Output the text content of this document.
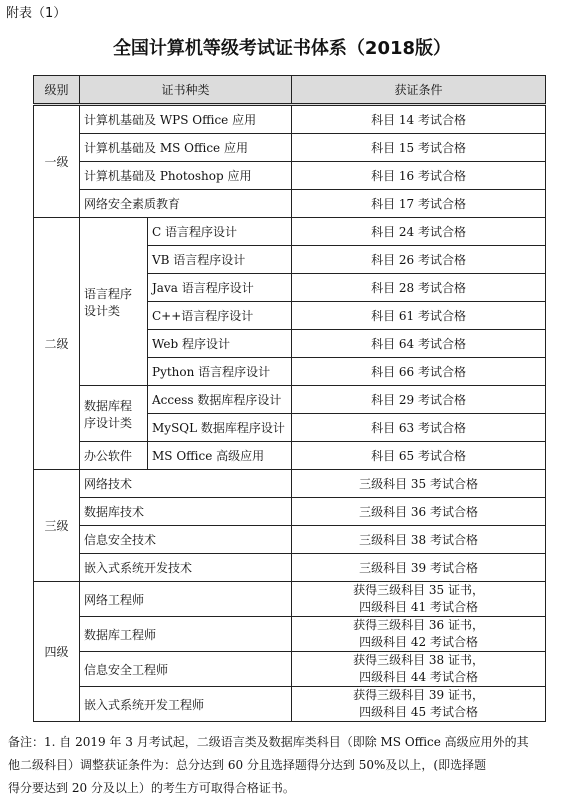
附表（1）
全国计算机等级考试证书体系（2018版）
级别	证书种类		获证条件
一级	计算机基础及 WPS Office 应用		科目 14 考试合格
	计算机基础及 MS Office 应用		科目 15 考试合格
	计算机基础及 Photoshop 应用		科目 16 考试合格
	网络安全素质教育		科目 17 考试合格
二级	语言程序设计类	C 语言程序设计	科目 24 考试合格
		VB 语言程序设计	科目 26 考试合格
		Java 语言程序设计	科目 28 考试合格
		C++语言程序设计	科目 61 考试合格
		Web 程序设计	科目 64 考试合格
		Python 语言程序设计	科目 66 考试合格
	数据库程序设计类	Access 数据库程序设计	科目 29 考试合格
		MySQL 数据库程序设计	科目 63 考试合格
	办公软件	MS Office 高级应用	科目 65 考试合格
三级	网络技术		三级科目 35 考试合格
	数据库技术		三级科目 36 考试合格
	信息安全技术		三级科目 38 考试合格
	嵌入式系统开发技术		三级科目 39 考试合格
四级	网络工程师		获得三级科目 35 证书，
四级科目 41 考试合格

	数据库工程师		获得三级科目 36 证书，
四级科目 42 考试合格

	信息安全工程师		获得三级科目 38 证书，
四级科目 44 考试合格

	嵌入式系统开发工程师		获得三级科目 39 证书，
四级科目 45 考试合格
备注：1. 自 2019 年 3 月考试起，二级语言类及数据库类科目（即除 MS Office 高级应用外的其
他二级科目）调整获证条件为：总分达到 60 分且选择题得分达到 50%及以上，(即选择题
得分要达到 20 分及以上）的考生方可取得合格证书。
